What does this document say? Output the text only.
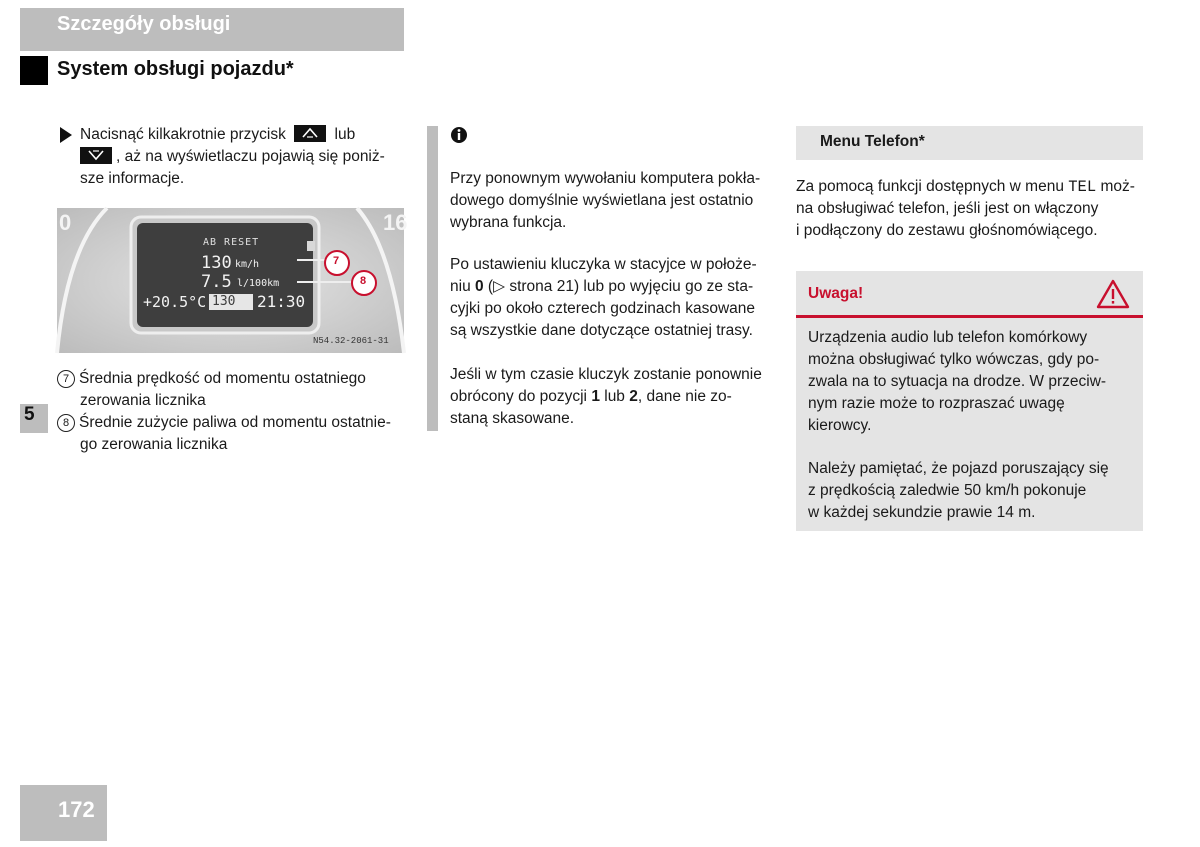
Szczegóły obsługi
System obsługi pojazdu*
Nacisnąć kilkakrotnie przycisk	lub

, aż na wyświetlaczu pojawią się poniż-
sze informacje.
0	16
AB RESET
130 km/h
7.5 l/100km
+20.5°C 130 21:30
7
8
N54.32-2061-31
7 Średnia prędkość od momentu ostatniego
zerowania licznika
8 Średnie zużycie paliwa od momentu ostatnie-
go zerowania licznika
5
Przy ponownym wywołaniu komputera pokła-
dowego domyślnie wyświetlana jest ostatnio
wybrana funkcja.
Po ustawieniu kluczyka w stacyjce w położe-
niu 0 (▷ strona 21) lub po wyjęciu go ze sta-
cyjki po około czterech godzinach kasowane
są wszystkie dane dotyczące ostatniej trasy.
Jeśli w tym czasie kluczyk zostanie ponownie
obrócony do pozycji 1 lub 2, dane nie zo-
staną skasowane.
Menu Telefon*
Za pomocą funkcji dostępnych w menu TEL moż-
na obsługiwać telefon, jeśli jest on włączony
i podłączony do zestawu głośnomówiącego.
Uwaga!
Urządzenia audio lub telefon komórkowy
można obsługiwać tylko wówczas, gdy po-
zwala na to sytuacja na drodze. W przeciw-
nym razie może to rozpraszać uwagę
kierowcy.
Należy pamiętać, że pojazd poruszający się
z prędkością zaledwie 50 km/h pokonuje
w każdej sekundzie prawie 14 m.
172
